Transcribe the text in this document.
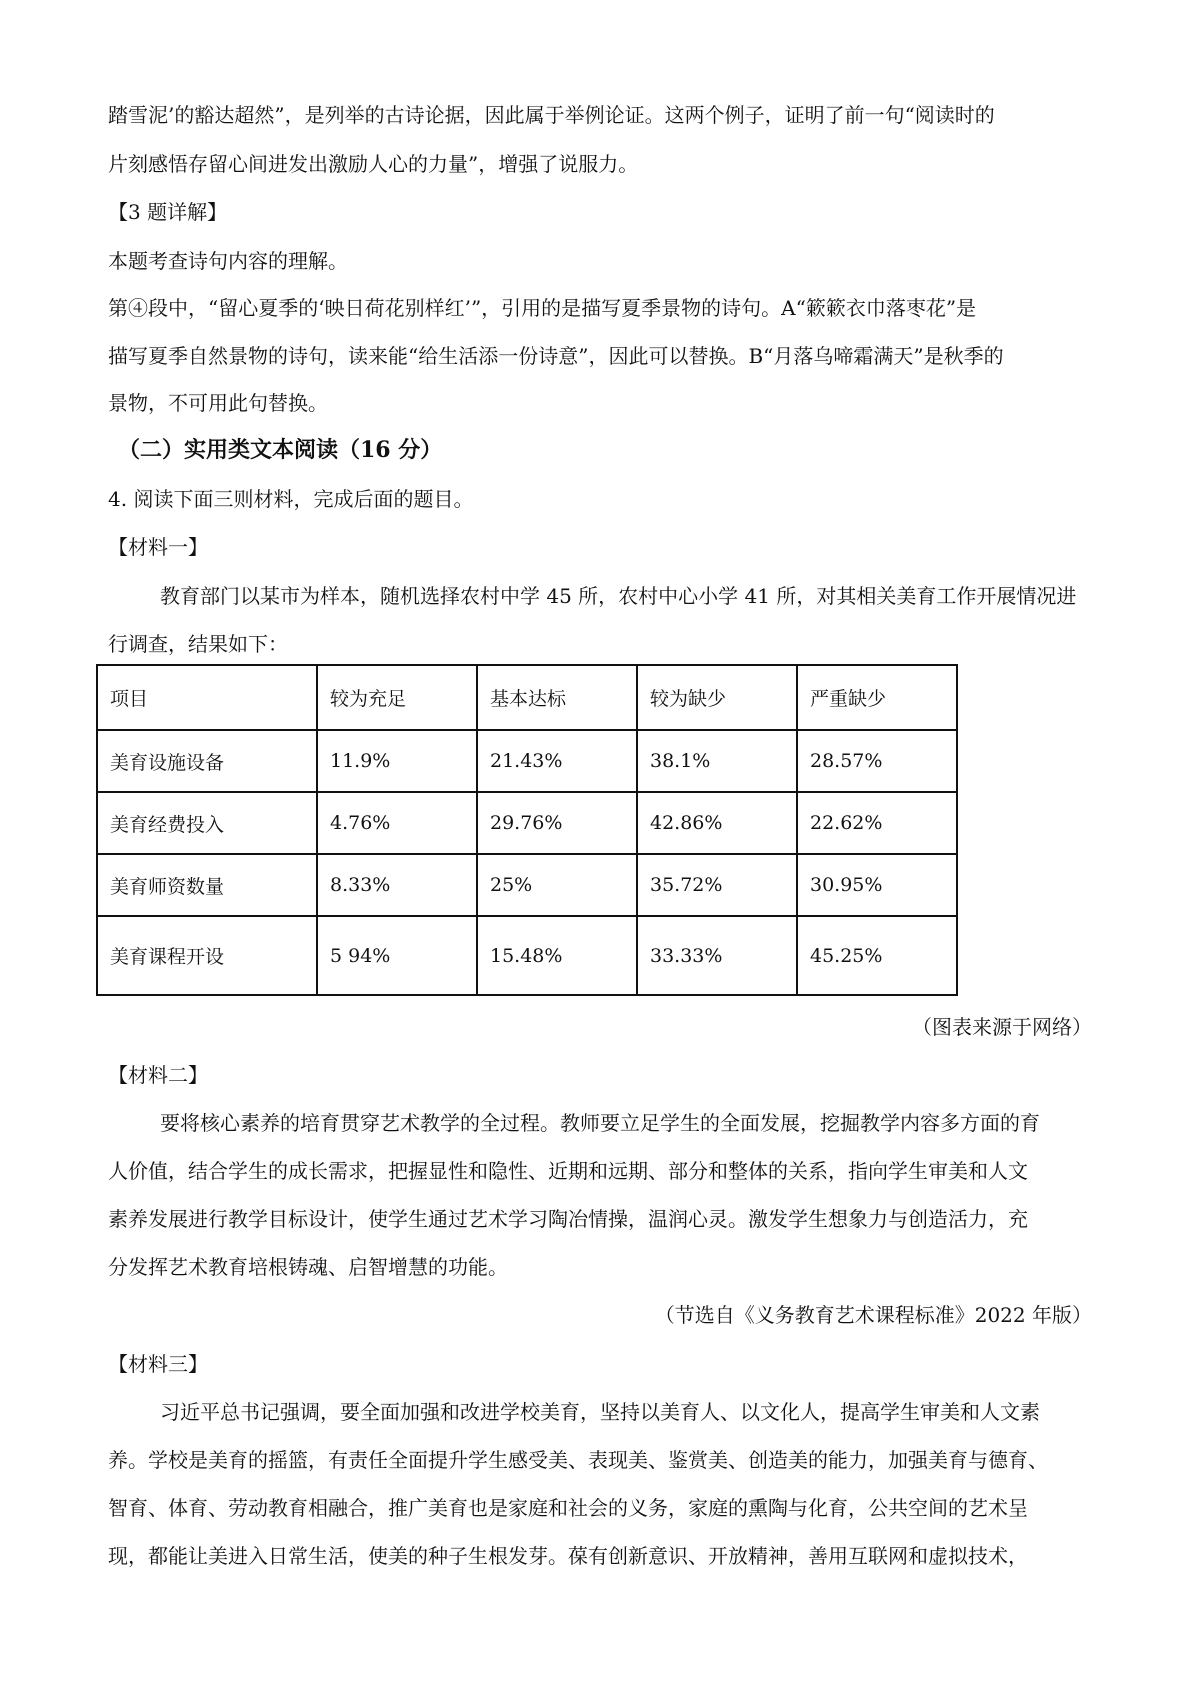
踏雪泥’的豁达超然”，是列举的古诗论据，因此属于举例论证。这两个例子，证明了前一句“阅读时的
片刻感悟存留心间进发出激励人心的力量”，增强了说服力。
【3 题详解】
本题考查诗句内容的理解。
第④段中，“留心夏季的‘映日荷花别样红’”，引用的是描写夏季景物的诗句。A“簌簌衣巾落枣花”是
描写夏季自然景物的诗句，读来能“给生活添一份诗意”，因此可以替换。B“月落乌啼霜满天”是秋季的
景物，不可用此句替换。
（二）实用类文本阅读（16 分）
4. 阅读下面三则材料，完成后面的题目。
【材料一】
教育部门以某市为样本，随机选择农村中学 45 所，农村中心小学 41 所，对其相关美育工作开展情况进
行调查，结果如下：
项目	较为充足	基本达标	较为缺少	严重缺少
美育设施设备	11.9%	21.43%	38.1%	28.57%
美育经费投入	4.76%	29.76%	42.86%	22.62%
美育师资数量	8.33%	25%	35.72%	30.95%
美育课程开设	5 94%	15.48%	33.33%	45.25%
（图表来源于网络）
【材料二】
要将核心素养的培育贯穿艺术教学的全过程。教师要立足学生的全面发展，挖掘教学内容多方面的育
人价值，结合学生的成长需求，把握显性和隐性、近期和远期、部分和整体的关系，指向学生审美和人文
素养发展进行教学目标设计，使学生通过艺术学习陶冶情操，温润心灵。激发学生想象力与创造活力，充
分发挥艺术教育培根铸魂、启智增慧的功能。
（节选自《义务教育艺术课程标准》2022 年版）
【材料三】
习近平总书记强调，要全面加强和改进学校美育，坚持以美育人、以文化人，提高学生审美和人文素
养。学校是美育的摇篮，有责任全面提升学生感受美、表现美、鉴赏美、创造美的能力，加强美育与德育、
智育、体育、劳动教育相融合，推广美育也是家庭和社会的义务，家庭的熏陶与化育，公共空间的艺术呈
现，都能让美进入日常生活，使美的种子生根发芽。葆有创新意识、开放精神，善用互联网和虚拟技术，
